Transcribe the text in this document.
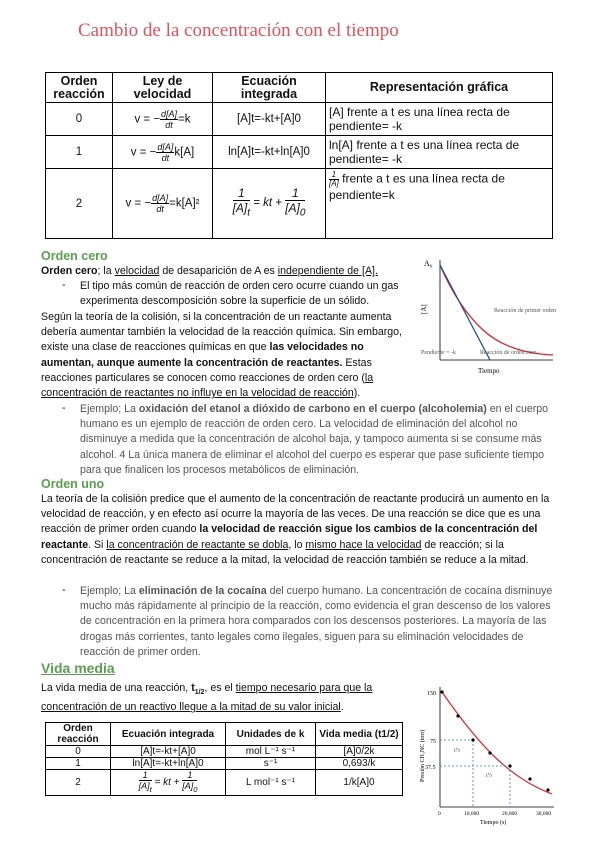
Cambio de la concentración con el tiempo
Orden reacción	Ley de velocidad	Ecuación integrada	Representación gráfica
0	v = − $\frac{d[A]}{dt} =k$	[A]t=-kt+[A]0	[A] frente a t es una línea recta de pendiente= -k
1	v = − $\frac{d[A]}{dt} k[A]$	ln[A]t=-kt+ln[A]0	ln[A] frente a t es una línea recta de pendiente= -k
2	v = − $\frac{d[A]}{dt} =k[A]^2$	$\frac{1}{[A]_t}$ = kt + $\frac{1}{[A]_0}$	$\frac{1}{[A]}$ frente a t es una línea recta de pendiente=k
Orden cero
Orden cero; la velocidad de desaparición de A es independiente de [A].
- El tipo más común de reacción de orden cero ocurre cuando un gas experimenta descomposición sobre la superficie de un sólido.
Según la teoría de la colisión, si la concentración de un reactante aumenta debería aumentar también la velocidad de la reacción química. Sin embargo, existe una clase de reacciones químicas en que las velocidades no aumentan, aunque aumente la concentración de reactantes. Estas reacciones particulares se conocen como reacciones de orden cero (la concentración de reactantes no influye en la velocidad de reacción).
- Ejemplo; La oxidación del etanol a dióxido de carbono en el cuerpo (alcoholemia) en el cuerpo humano es un ejemplo de reacción de orden cero. La velocidad de eliminación del alcohol no disminuye a medida que la concentración de alcohol baja, y tampoco aumenta si se consume más alcohol. 4 La única manera de eliminar el alcohol del cuerpo es esperar que pase suficiente tiempo para que finalicen los procesos metabólicos de eliminación.
A₀
[A]
Tiempo
Reacción de primer orden
Pendiente = -k	Reacción de orden cero
Orden uno
La teoría de la colisión predice que el aumento de la concentración de reactante producirá un aumento en la velocidad de reacción, y en efecto así ocurre la mayoría de las veces. De una reacción se dice que es una reacción de primer orden cuando la velocidad de reacción sigue los cambios de la concentración del reactante. Si la concentración de reactante se dobla, lo mismo hace la velocidad de reacción; si la concentración de reactante se reduce a la mitad, la velocidad de reacción también se reduce a la mitad.
- Ejemplo; La eliminación de la cocaína del cuerpo humano. La concentración de cocaína disminuye mucho más rápidamente al principio de la reacción, como evidencia el gran descenso de los valores de concentración en la primera hora comparados con los descensos posteriores. La mayoría de las drogas más corrientes, tanto legales como ilegales, siguen para su eliminación velocidades de reacción de primer orden.
Vida media
La vida media de una reacción, $t_{1/2}$, es el tiempo necesario para que la concentración de un reactivo llegue a la mitad de su valor inicial.
Orden reacción	Ecuación integrada	Unidades de k	Vida media (t1/2)
0	[A]t=-kt+[A]0	mol L⁻¹ s⁻¹	[A]0/2k
1	ln[A]t=-kt+ln[A]0	s⁻¹	0,693/k
2	$\frac{1}{[A]_t}$ = kt + $\frac{1}{[A]_0}$	L mol⁻¹ s⁻¹	1/k[A]0
150
75
37.5
0	10,000	20,000	30,000
t½
t½
Presión CH₃NC (torr)
Tiempo (s)
